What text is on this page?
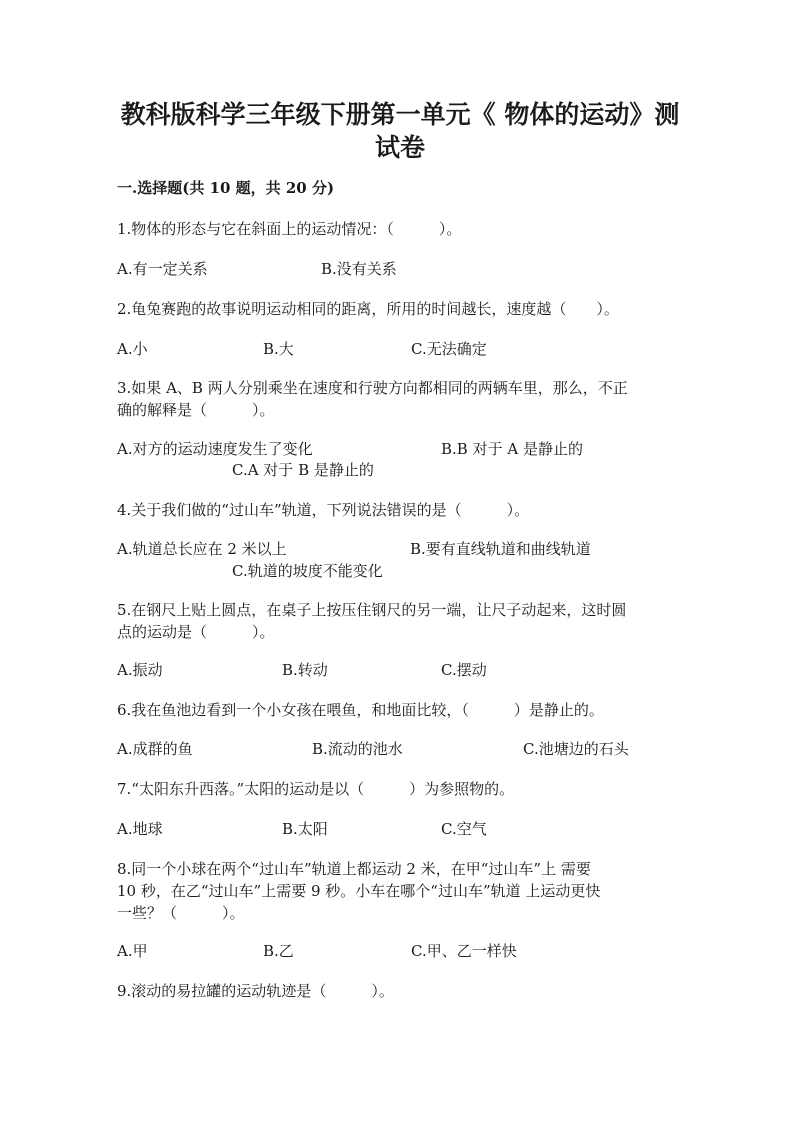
教科版科学三年级下册第一单元《 物体的运动》测
试卷
一.选择题(共 10 题，共 20 分)
1.物体的形态与它在斜面上的运动情况：（　　　）。
A.有一定关系	B.没有关系
2.龟兔赛跑的故事说明运动相同的距离，所用的时间越长，速度越（　　）。
A.小	B.大	C.无法确定
3.如果 A、B 两人分别乘坐在速度和行驶方向都相同的两辆车里，那么，不正
确的解释是（　　　）。
A.对方的运动速度发生了变化	B.B 对于 A 是静止的
C.A 对于 B 是静止的
4.关于我们做的“过山车”轨道，下列说法错误的是（　　　）。
A.轨道总长应在 2 米以上	B.要有直线轨道和曲线轨道
C.轨道的坡度不能变化
5.在钢尺上贴上圆点，在桌子上按压住钢尺的另一端，让尺子动起来，这时圆
点的运动是（　　　）。
A.振动	B.转动	C.摆动
6.我在鱼池边看到一个小女孩在喂鱼，和地面比较，（　　　）是静止的。
A.成群的鱼	B.流动的池水	C.池塘边的石头
7.“太阳东升西落。”太阳的运动是以（　　　）为参照物的。
A.地球	B.太阳	C.空气
8.同一个小球在两个“过山车”轨道上都运动 2 米，在甲“过山车”上 需要
10 秒，在乙“过山车”上需要 9 秒。小车在哪个“过山车”轨道 上运动更快
一些？（　　　）。
A.甲	B.乙	C.甲、乙一样快
9.滚动的易拉罐的运动轨迹是（　　　）。
